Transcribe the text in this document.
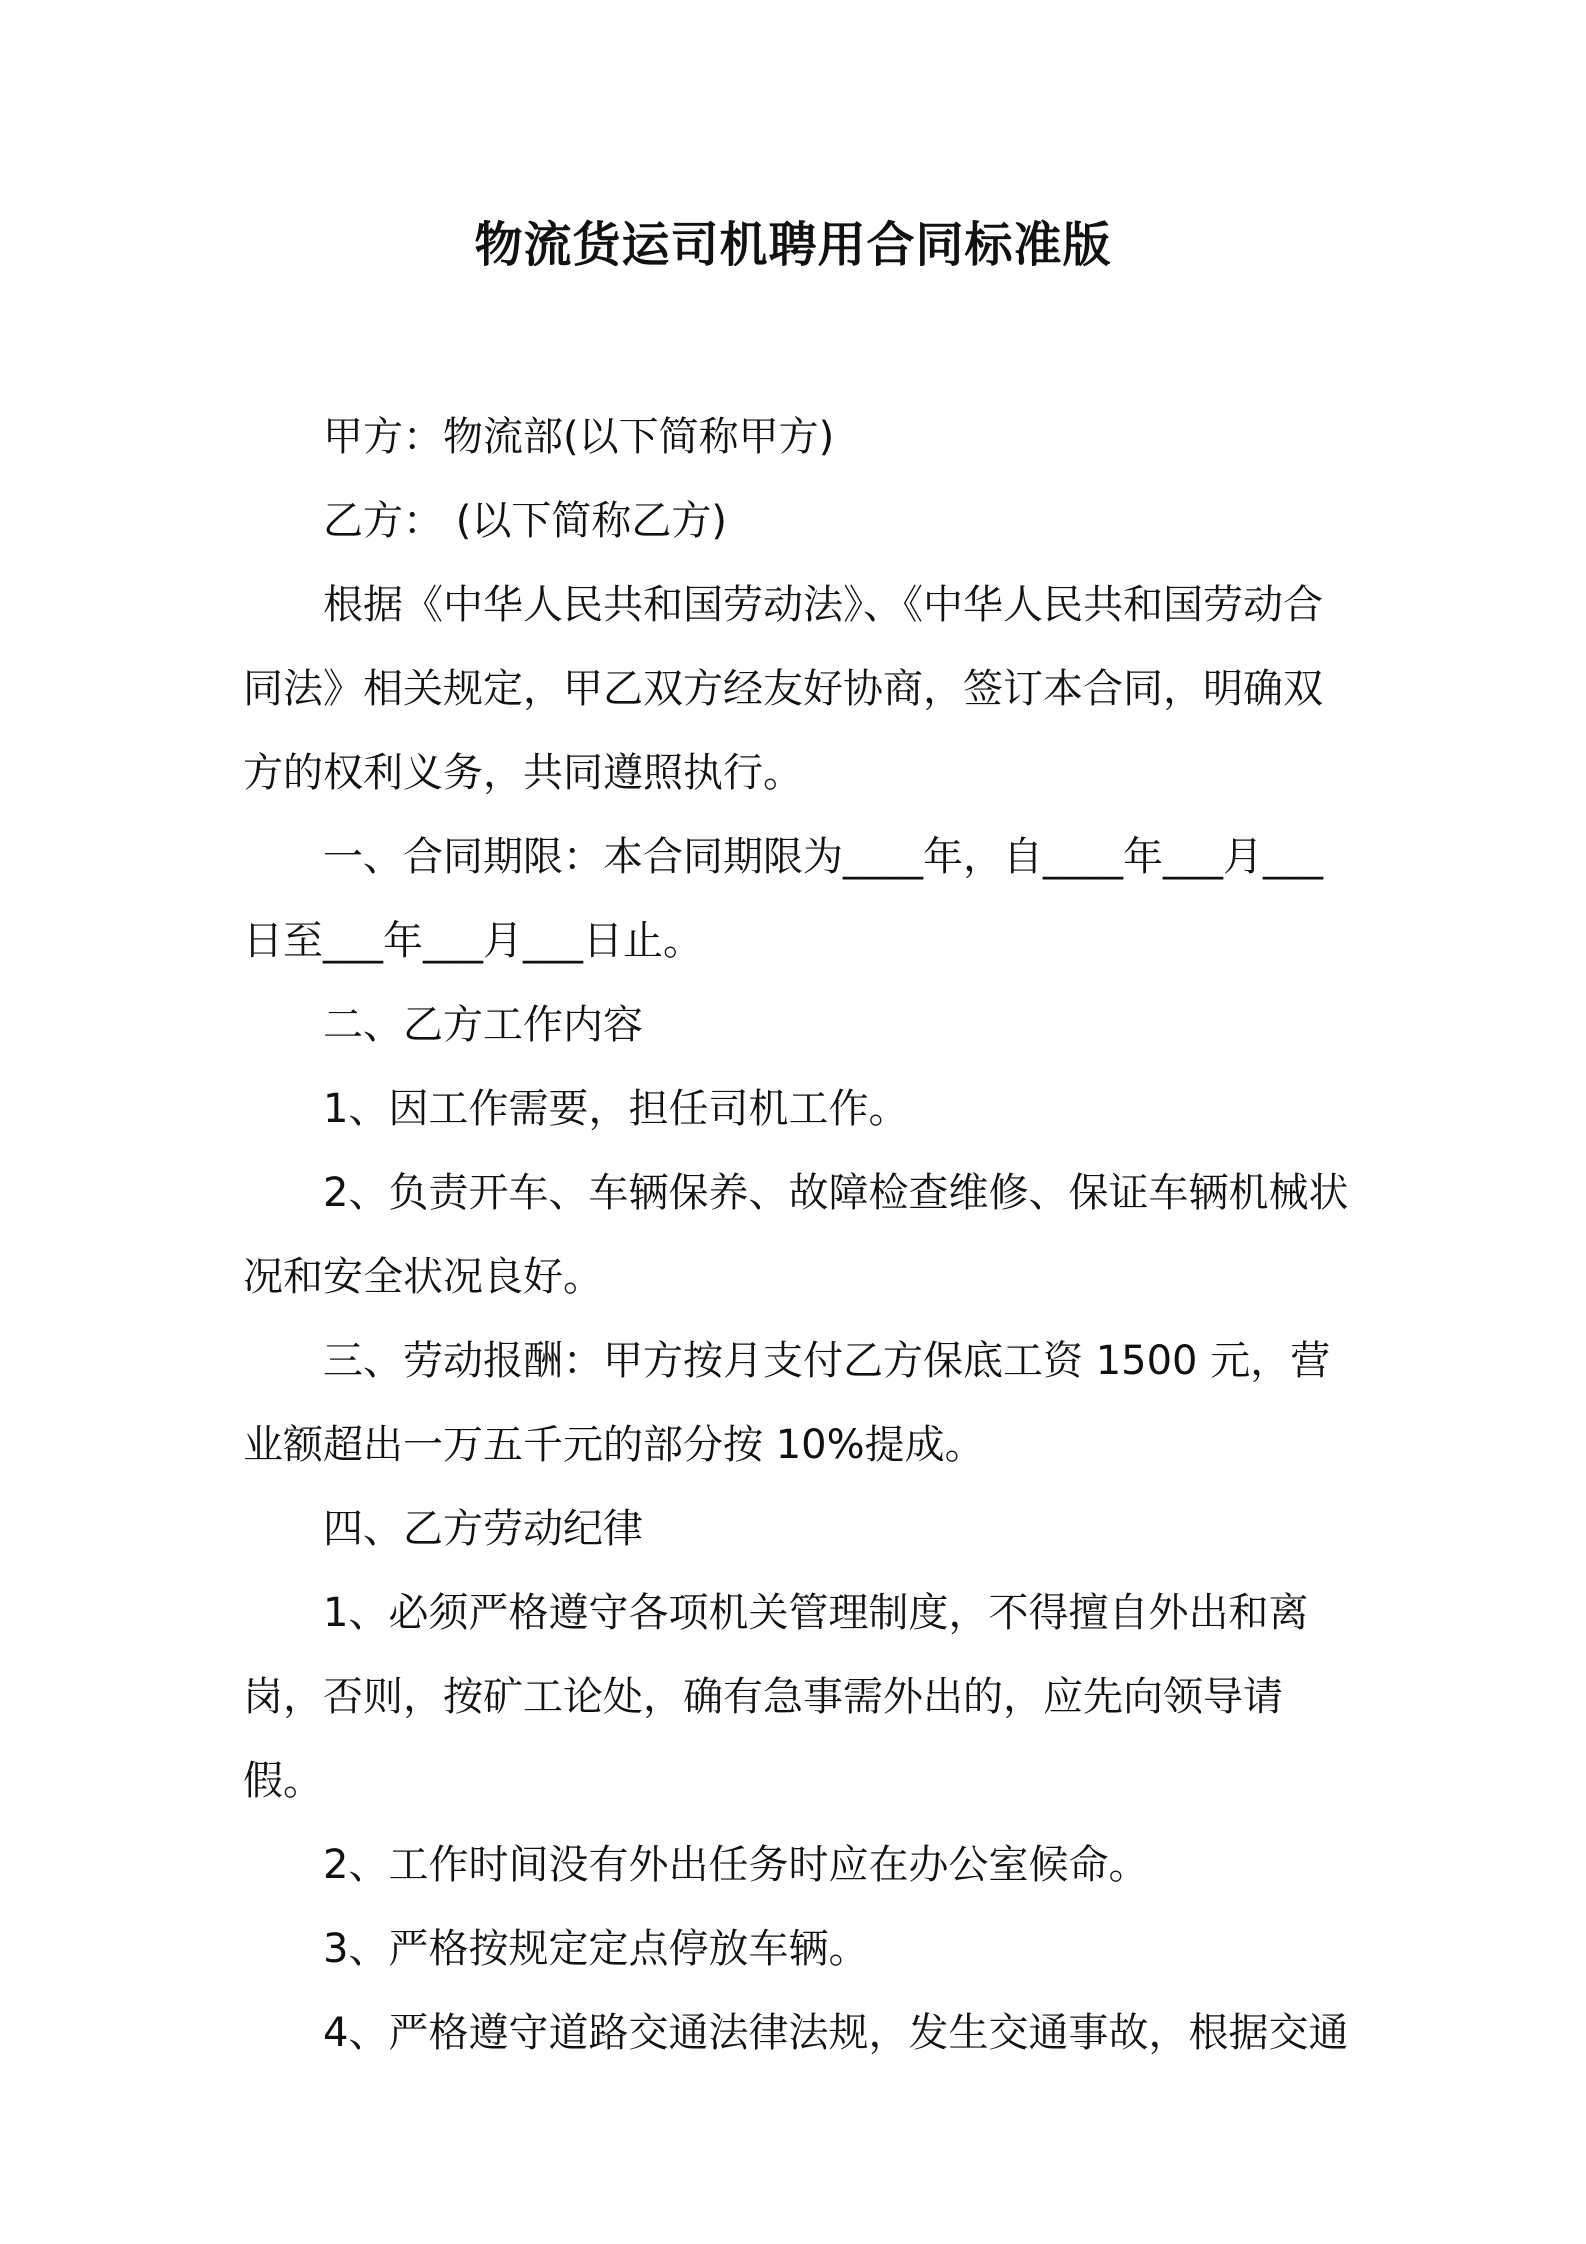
物流货运司机聘用合同标准版

甲方：物流部(以下简称甲方)

乙方： (以下简称乙方)

根据《中华人民共和国劳动法》、《中华人民共和国劳动合同法》相关规定，甲乙双方经友好协商，签订本合同，明确双方的权利义务，共同遵照执行。

一、合同期限：本合同期限为____年，自____年___月___日至___年___月___日止。

二、乙方工作内容

1、因工作需要，担任司机工作。

2、负责开车、车辆保养、故障检查维修、保证车辆机械状况和安全状况良好。

三、劳动报酬：甲方按月支付乙方保底工资 1500 元，营业额超出一万五千元的部分按 10%提成。

四、乙方劳动纪律

1、必须严格遵守各项机关管理制度，不得擅自外出和离岗，否则，按矿工论处，确有急事需外出的，应先向领导请假。

2、工作时间没有外出任务时应在办公室候命。

3、严格按规定定点停放车辆。

4、严格遵守道路交通法律法规，发生交通事故，根据交通
